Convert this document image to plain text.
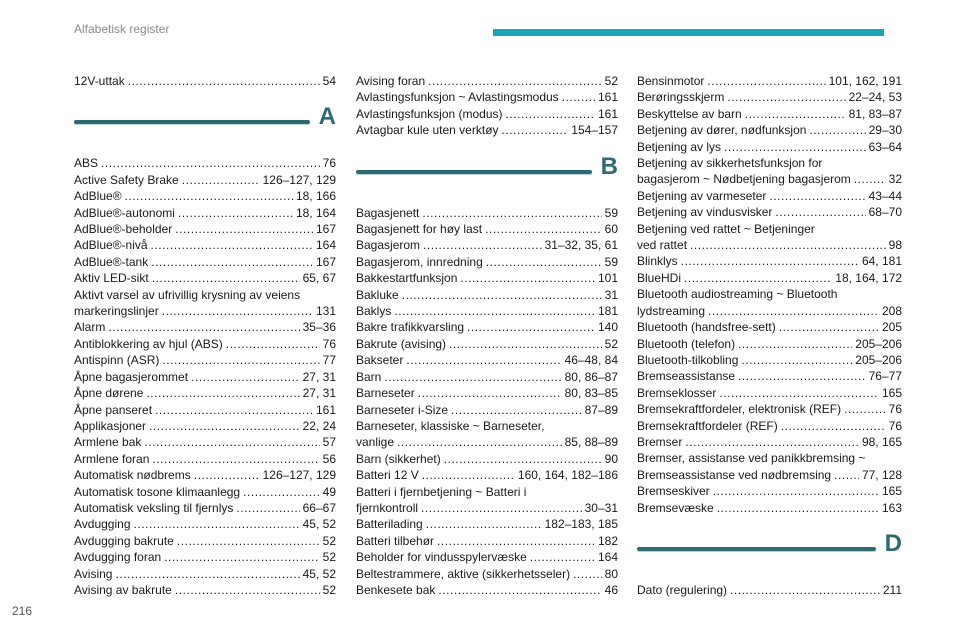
Alfabetisk register
12V-uttak . . .	54
A
ABS . . .	76
Active Safety Brake . . .	126–127, 129
AdBlue® . . .	18, 166
AdBlue®-autonomi . . .	18, 164
AdBlue®-beholder . . .	167
AdBlue®-nivå . . .	164
AdBlue®-tank . . .	167
Aktiv LED-sikt . . .	65, 67
Aktivt varsel av ufrivillig krysning av veiens
markeringslinjer . . .	131
Alarm . . .	35–36
Antiblokkering av hjul (ABS) . . .	76
Antispinn (ASR) . . .	77
Åpne bagasjerommet . . .	27, 31
Åpne dørene . . .	27, 31
Åpne panseret . . .	161
Applikasjoner . . .	22, 24
Armlene bak . . .	57
Armlene foran . . .	56
Automatisk nødbrems . . .	126–127, 129
Automatisk tosone klimaanlegg . . .	49
Automatisk veksling til fjernlys . . .	66–67
Avdugging . . .	45, 52
Avdugging bakrute . . .	52
Avdugging foran . . .	52
Avising . . .	45, 52
Avising av bakrute . . .	52
Avising foran . . .	52
Avlastingsfunksjon ~ Avlastingsmodus . . .	161
Avlastingsfunksjon (modus) . . .	161
Avtagbar kule uten verktøy . . .	154–157
B
Bagasjenett . . .	59
Bagasjenett for høy last . . .	60
Bagasjerom . . .	31–32, 35, 61
Bagasjerom, innredning . . .	59
Bakkestartfunksjon . . .	101
Bakluke . . .	31
Baklys . . .	181
Bakre trafikkvarsling . . .	140
Bakrute (avising) . . .	52
Bakseter . . .	46–48, 84
Barn . . .	80, 86–87
Barneseter . . .	80, 83–85
Barneseter i-Size . . .	87–89
Barneseter, klassiske ~ Barneseter,
vanlige . . .	85, 88–89
Barn (sikkerhet) . . .	90
Batteri 12 V . . .	160, 164, 182–186
Batteri i fjernbetjening ~ Batteri i
fjernkontroll . . .	30–31
Batterilading . . .	182–183, 185
Batteri tilbehør . . .	182
Beholder for vindusspylervæske . . .	164
Beltestrammere, aktive (sikkerhetsseler) . . .	80
Benkesete bak . . .	46
Bensinmotor . . .	101, 162, 191
Berøringsskjerm . . .	22–24, 53
Beskyttelse av barn . . .	81, 83–87
Betjening av dører, nødfunksjon . . .	29–30
Betjening av lys . . .	63–64
Betjening av sikkerhetsfunksjon for
bagasjerom ~ Nødbetjening bagasjerom . . .	32
Betjening av varmeseter . . .	43–44
Betjening av vindusvisker . . .	68–70
Betjening ved rattet ~ Betjeninger
ved rattet . . .	98
Blinklys . . .	64, 181
BlueHDi . . .	18, 164, 172
Bluetooth audiostreaming ~ Bluetooth
lydstreaming . . .	208
Bluetooth (handsfree-sett) . . .	205
Bluetooth (telefon) . . .	205–206
Bluetooth-tilkobling . . .	205–206
Bremseassistanse . . .	76–77
Bremseklosser . . .	165
Bremsekraftfordeler, elektronisk (REF) . . .	76
Bremsekraftfordeler (REF) . . .	76
Bremser . . .	98, 165
Bremser, assistanse ved panikkbremsing ~
Bremseassistanse ved nødbremsing . . .	77, 128
Bremseskiver . . .	165
Bremsevæske . . .	163
D
Dato (regulering) . . .	211
216
